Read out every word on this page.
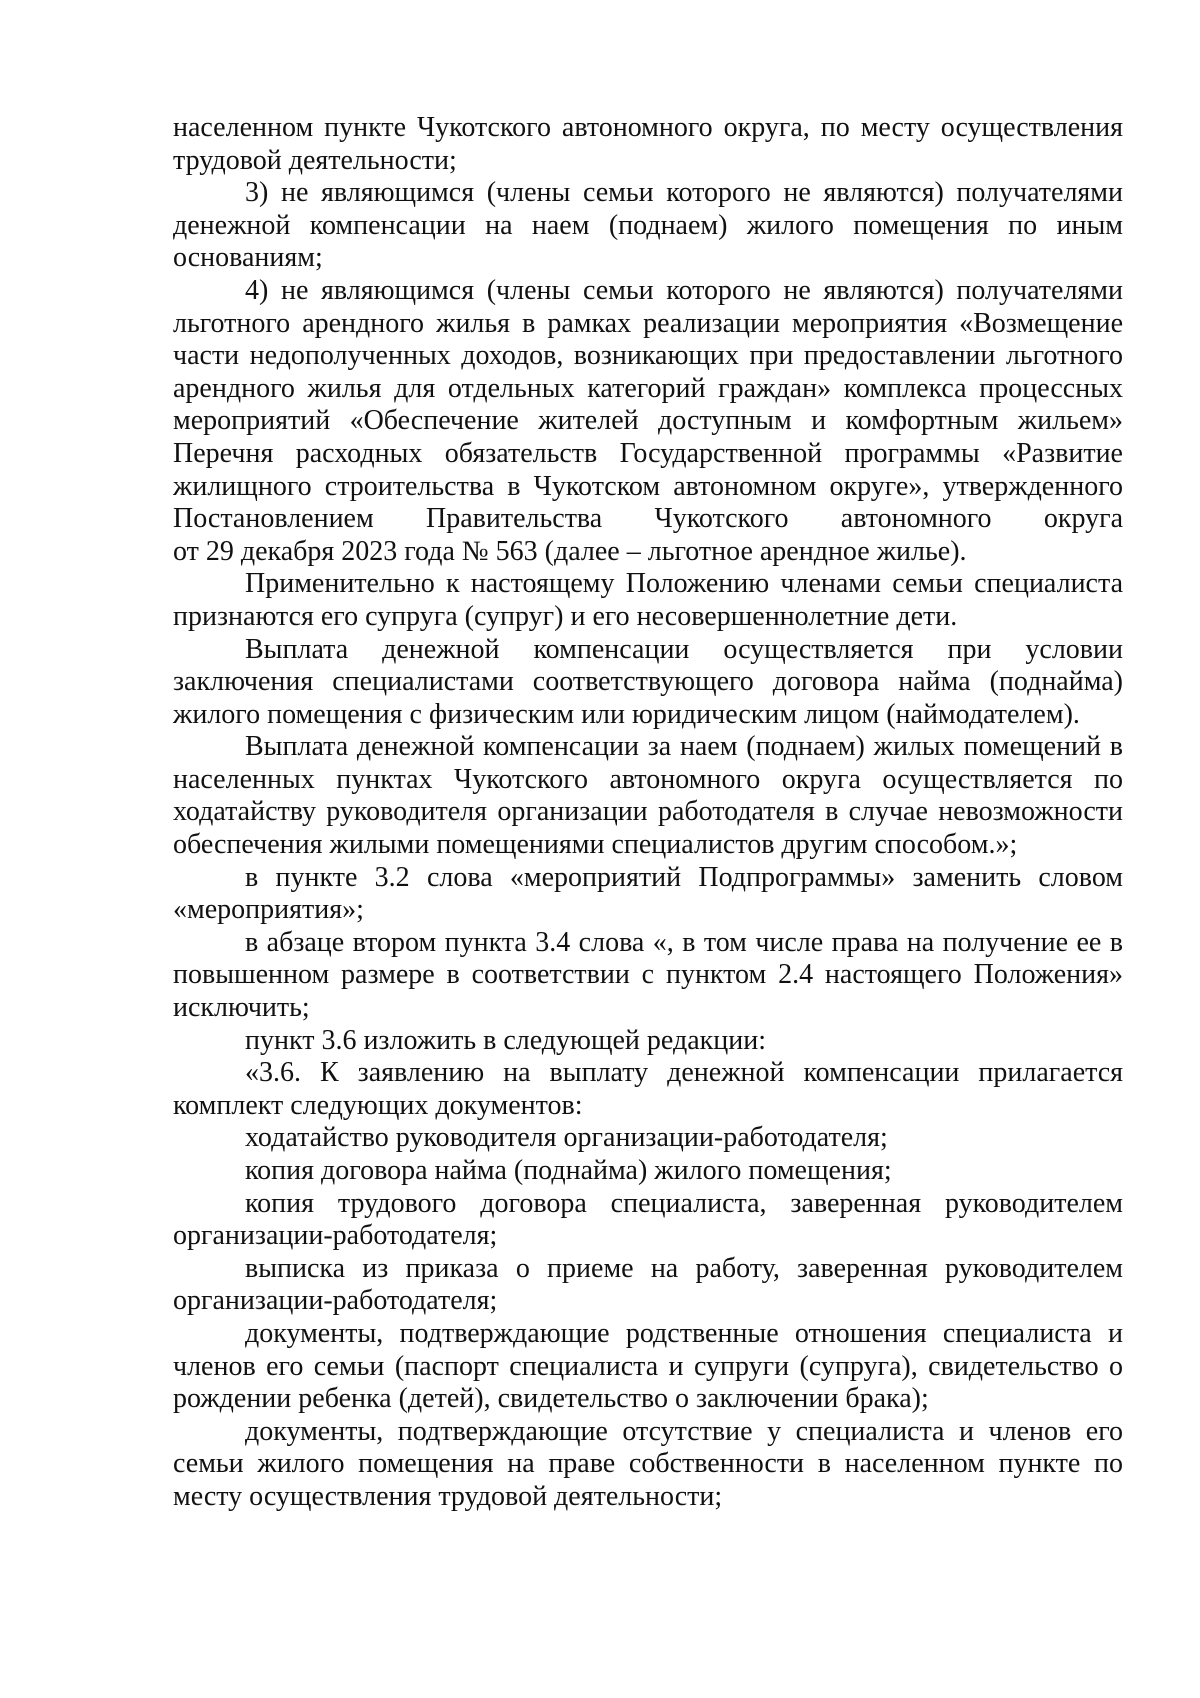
населенном пункте Чукотского автономного округа, по месту осуществления трудовой деятельности;

3) не являющимся (члены семьи которого не являются) получателями денежной компенсации на наем (поднаем) жилого помещения по иным основаниям;

4) не являющимся (члены семьи которого не являются) получателями льготного арендного жилья в рамках реализации мероприятия «Возмещение части недополученных доходов, возникающих при предоставлении льготного арендного жилья для отдельных категорий граждан» комплекса процессных мероприятий «Обеспечение жителей доступным и комфортным жильем» Перечня расходных обязательств Государственной программы «Развитие жилищного строительства в Чукотском автономном округе», утвержденного Постановлением Правительства Чукотского автономного округа

от 29 декабря 2023 года № 563 (далее – льготное арендное жилье).

Применительно к настоящему Положению членами семьи специалиста признаются его супруга (супруг) и его несовершеннолетние дети.

Выплата денежной компенсации осуществляется при условии заключения специалистами соответствующего договора найма (поднайма) жилого помещения с физическим или юридическим лицом (наймодателем).

Выплата денежной компенсации за наем (поднаем) жилых помещений в населенных пунктах Чукотского автономного округа осуществляется по ходатайству руководителя организации работодателя в случае невозможности обеспечения жилыми помещениями специалистов другим способом.»;

в пункте 3.2 слова «мероприятий Подпрограммы» заменить словом «мероприятия»;

в абзаце втором пункта 3.4 слова «, в том числе права на получение ее в повышенном размере в соответствии с пунктом 2.4 настоящего Положения» исключить;

пункт 3.6 изложить в следующей редакции:

«3.6. К заявлению на выплату денежной компенсации прилагается комплект следующих документов:

ходатайство руководителя организации-работодателя;

копия договора найма (поднайма) жилого помещения;

копия трудового договора специалиста, заверенная руководителем организации-работодателя;

выписка из приказа о приеме на работу, заверенная руководителем организации-работодателя;

документы, подтверждающие родственные отношения специалиста и членов его семьи (паспорт специалиста и супруги (супруга), свидетельство о рождении ребенка (детей), свидетельство о заключении брака);

документы, подтверждающие отсутствие у специалиста и членов его семьи жилого помещения на праве собственности в населенном пункте по месту осуществления трудовой деятельности;
